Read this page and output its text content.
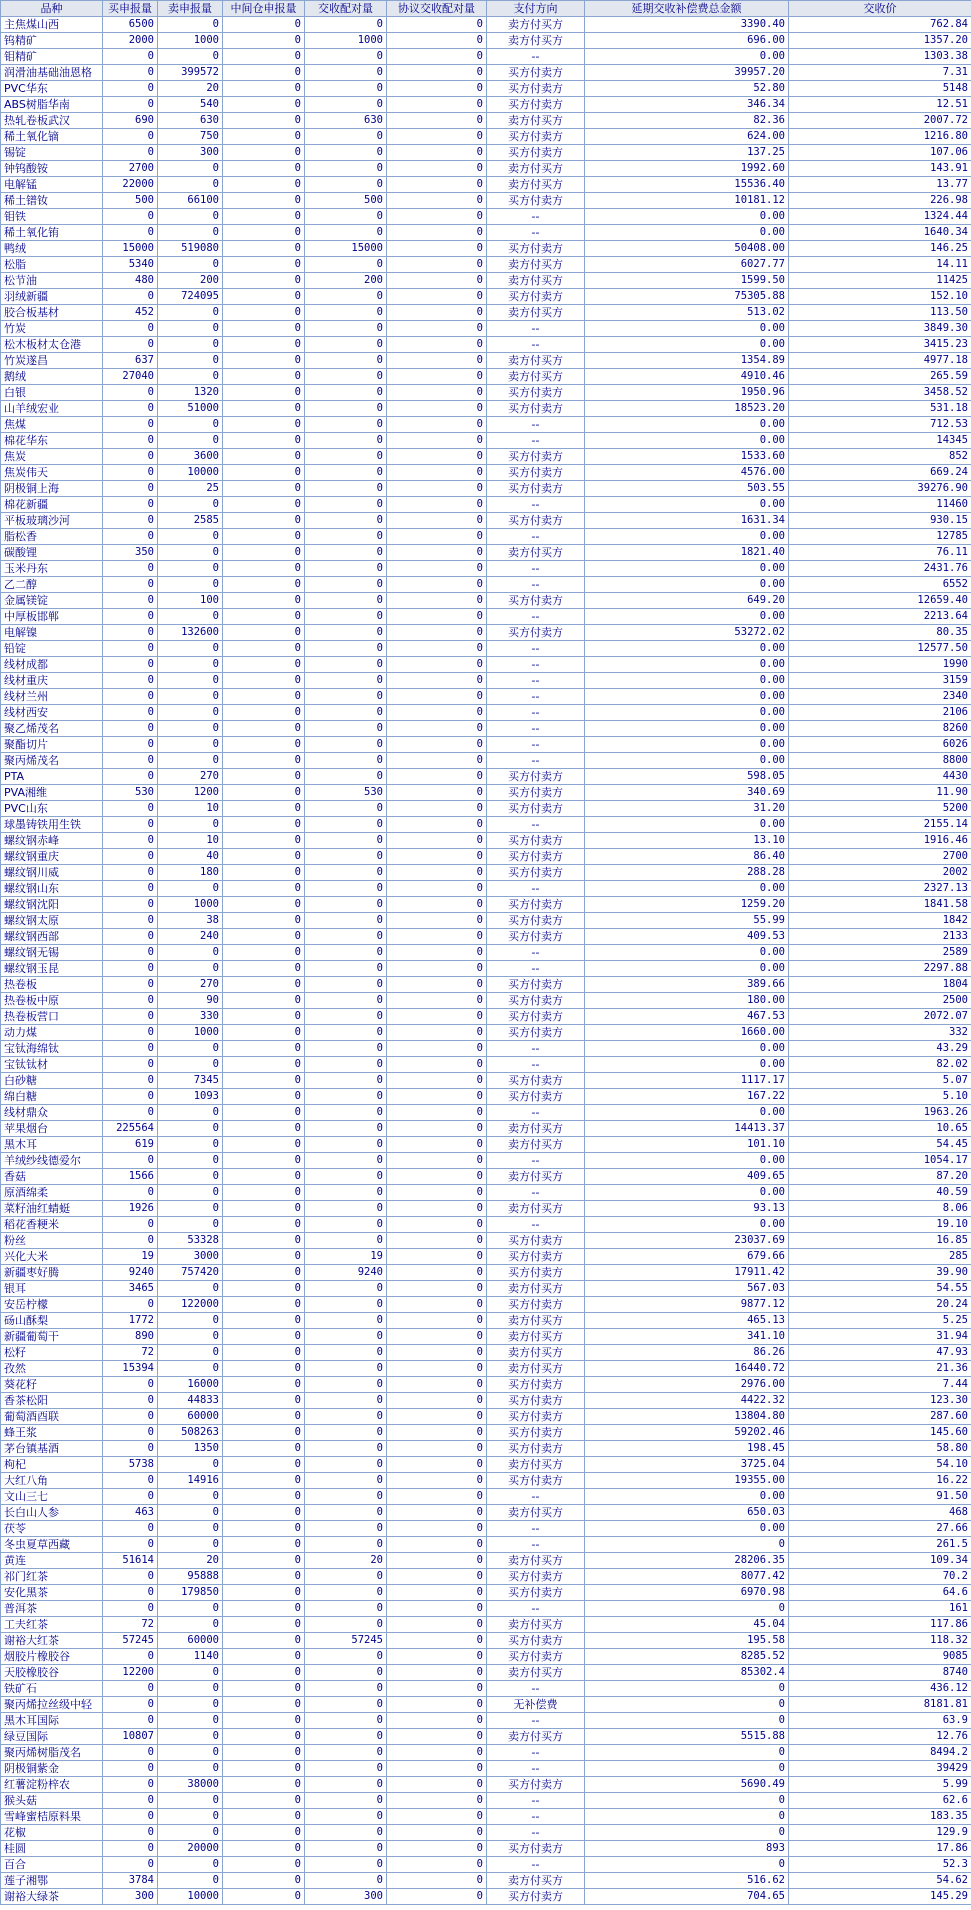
品种	买申报量	卖申报量	中间仓申报量	交收配对量	协议交收配对量	支付方向	延期交收补偿费总金额	交收价
主焦煤山西	6500	0	0	0	0	卖方付买方	3390.40	762.84
钨精矿	2000	1000	0	1000	0	卖方付买方	696.00	1357.20
钼精矿	0	0	0	0	0	--	0.00	1303.38
润滑油基础油恩格	0	399572	0	0	0	买方付卖方	39957.20	7.31
PVC华东	0	20	0	0	0	买方付卖方	52.80	5148
ABS树脂华南	0	540	0	0	0	买方付卖方	346.34	12.51
热轧卷板武汉	690	630	0	630	0	卖方付买方	82.36	2007.72
稀土氧化镝	0	750	0	0	0	买方付卖方	624.00	1216.80
锡锭	0	300	0	0	0	买方付卖方	137.25	107.06
钟钨酸铵	2700	0	0	0	0	卖方付买方	1992.60	143.91
电解锰	22000	0	0	0	0	卖方付买方	15536.40	13.77
稀土镨钕	500	66100	0	500	0	买方付卖方	10181.12	226.98
钼铁	0	0	0	0	0	--	0.00	1324.44
稀土氧化铕	0	0	0	0	0	--	0.00	1640.34
鸭绒	15000	519080	0	15000	0	买方付卖方	50408.00	146.25
松脂	5340	0	0	0	0	卖方付买方	6027.77	14.11
松节油	480	200	0	200	0	卖方付买方	1599.50	11425
羽绒新疆	0	724095	0	0	0	买方付卖方	75305.88	152.10
胶合板基材	452	0	0	0	0	卖方付买方	513.02	113.50
竹炭	0	0	0	0	0	--	0.00	3849.30
松木板材太仓港	0	0	0	0	0	--	0.00	3415.23
竹炭遂昌	637	0	0	0	0	卖方付买方	1354.89	4977.18
鹅绒	27040	0	0	0	0	卖方付买方	4910.46	265.59
白银	0	1320	0	0	0	买方付卖方	1950.96	3458.52
山羊绒宏业	0	51000	0	0	0	买方付卖方	18523.20	531.18
焦煤	0	0	0	0	0	--	0.00	712.53
棉花华东	0	0	0	0	0	--	0.00	14345
焦炭	0	3600	0	0	0	买方付卖方	1533.60	852
焦炭伟天	0	10000	0	0	0	买方付卖方	4576.00	669.24
阴极铜上海	0	25	0	0	0	买方付卖方	503.55	39276.90
棉花新疆	0	0	0	0	0	--	0.00	11460
平板玻璃沙河	0	2585	0	0	0	买方付卖方	1631.34	930.15
脂松香	0	0	0	0	0	--	0.00	12785
碳酸锂	350	0	0	0	0	卖方付买方	1821.40	76.11
玉米丹东	0	0	0	0	0	--	0.00	2431.76
乙二醇	0	0	0	0	0	--	0.00	6552
金属镁锭	0	100	0	0	0	买方付卖方	649.20	12659.40
中厚板邯郸	0	0	0	0	0	--	0.00	2213.64
电解镍	0	132600	0	0	0	买方付卖方	53272.02	80.35
铅锭	0	0	0	0	0	--	0.00	12577.50
线材成都	0	0	0	0	0	--	0.00	1990
线材重庆	0	0	0	0	0	--	0.00	3159
线材兰州	0	0	0	0	0	--	0.00	2340
线材西安	0	0	0	0	0	--	0.00	2106
聚乙烯茂名	0	0	0	0	0	--	0.00	8260
聚酯切片	0	0	0	0	0	--	0.00	6026
聚丙烯茂名	0	0	0	0	0	--	0.00	8800
PTA	0	270	0	0	0	买方付卖方	598.05	4430
PVA湘维	530	1200	0	530	0	买方付卖方	340.69	11.90
PVC山东	0	10	0	0	0	买方付卖方	31.20	5200
球墨铸铁用生铁	0	0	0	0	0	--	0.00	2155.14
螺纹钢赤峰	0	10	0	0	0	买方付卖方	13.10	1916.46
螺纹钢重庆	0	40	0	0	0	买方付卖方	86.40	2700
螺纹钢川威	0	180	0	0	0	买方付卖方	288.28	2002
螺纹钢山东	0	0	0	0	0	--	0.00	2327.13
螺纹钢沈阳	0	1000	0	0	0	买方付卖方	1259.20	1841.58
螺纹钢太原	0	38	0	0	0	买方付卖方	55.99	1842
螺纹钢西部	0	240	0	0	0	买方付卖方	409.53	2133
螺纹钢无锡	0	0	0	0	0	--	0.00	2589
螺纹钢玉昆	0	0	0	0	0	--	0.00	2297.88
热卷板	0	270	0	0	0	买方付卖方	389.66	1804
热卷板中原	0	90	0	0	0	买方付卖方	180.00	2500
热卷板营口	0	330	0	0	0	买方付卖方	467.53	2072.07
动力煤	0	1000	0	0	0	买方付卖方	1660.00	332
宝钛海绵钛	0	0	0	0	0	--	0.00	43.29
宝钛钛材	0	0	0	0	0	--	0.00	82.02
白砂糖	0	7345	0	0	0	买方付卖方	1117.17	5.07
绵白糖	0	1093	0	0	0	买方付卖方	167.22	5.10
线材鼎众	0	0	0	0	0	--	0.00	1963.26
苹果烟台	225564	0	0	0	0	卖方付买方	14413.37	10.65
黑木耳	619	0	0	0	0	卖方付买方	101.10	54.45
羊绒纱线德爱尔	0	0	0	0	0	--	0.00	1054.17
香菇	1566	0	0	0	0	卖方付买方	409.65	87.20
原酒绵柔	0	0	0	0	0	--	0.00	40.59
菜籽油红蜻蜓	1926	0	0	0	0	卖方付买方	93.13	8.06
稻花香粳米	0	0	0	0	0	--	0.00	19.10
粉丝	0	53328	0	0	0	买方付卖方	23037.69	16.85
兴化大米	19	3000	0	19	0	买方付卖方	679.66	285
新疆枣好腾	9240	757420	0	9240	0	买方付卖方	17911.42	39.90
银耳	3465	0	0	0	0	卖方付买方	567.03	54.55
安岳柠檬	0	122000	0	0	0	买方付卖方	9877.12	20.24
砀山酥梨	1772	0	0	0	0	卖方付买方	465.13	5.25
新疆葡萄干	890	0	0	0	0	卖方付买方	341.10	31.94
松籽	72	0	0	0	0	卖方付买方	86.26	47.93
孜然	15394	0	0	0	0	卖方付买方	16440.72	21.36
葵花籽	0	16000	0	0	0	买方付卖方	2976.00	7.44
香茶松阳	0	44833	0	0	0	买方付卖方	4422.32	123.30
葡萄酒酉联	0	60000	0	0	0	买方付卖方	13804.80	287.60
蜂王浆	0	508263	0	0	0	买方付卖方	59202.46	145.60
茅台镇基酒	0	1350	0	0	0	买方付卖方	198.45	58.80
枸杞	5738	0	0	0	0	卖方付买方	3725.04	54.10
大红八角	0	14916	0	0	0	买方付卖方	19355.00	16.22
文山三七	0	0	0	0	0	--	0.00	91.50
长白山人参	463	0	0	0	0	卖方付买方	650.03	468
茯苓	0	0	0	0	0	--	0.00	27.66
冬虫夏草西藏	0	0	0	0	0	--	0	261.5
黄连	51614	20	0	20	0	卖方付买方	28206.35	109.34
祁门红茶	0	95888	0	0	0	买方付卖方	8077.42	70.2
安化黑茶	0	179850	0	0	0	买方付卖方	6970.98	64.6
普洱茶	0	0	0	0	0	--	0	161
工夫红茶	72	0	0	0	0	卖方付买方	45.04	117.86
谢裕大红茶	57245	60000	0	57245	0	买方付卖方	195.58	118.32
烟胶片橡胶谷	0	1140	0	0	0	买方付卖方	8285.52	9085
天胶橡胶谷	12200	0	0	0	0	卖方付买方	85302.4	8740
铁矿石	0	0	0	0	0	--	0	436.12
聚丙烯拉丝级中轻	0	0	0	0	0	无补偿费	0	8181.81
黑木耳国际	0	0	0	0	0	--	0	63.9
绿豆国际	10807	0	0	0	0	卖方付买方	5515.88	12.76
聚丙烯树脂茂名	0	0	0	0	0	--	0	8494.2
阴极铜紫金	0	0	0	0	0	--	0	39429
红薯淀粉梓农	0	38000	0	0	0	买方付卖方	5690.49	5.99
猴头菇	0	0	0	0	0	--	0	62.6
雪峰蜜桔原料果	0	0	0	0	0	--	0	183.35
花椒	0	0	0	0	0	--	0	129.9
桂圆	0	20000	0	0	0	买方付卖方	893	17.86
百合	0	0	0	0	0	--	0	52.3
莲子湘鄂	3784	0	0	0	0	卖方付买方	516.62	54.62
谢裕大绿茶	300	10000	0	300	0	买方付卖方	704.65	145.29
